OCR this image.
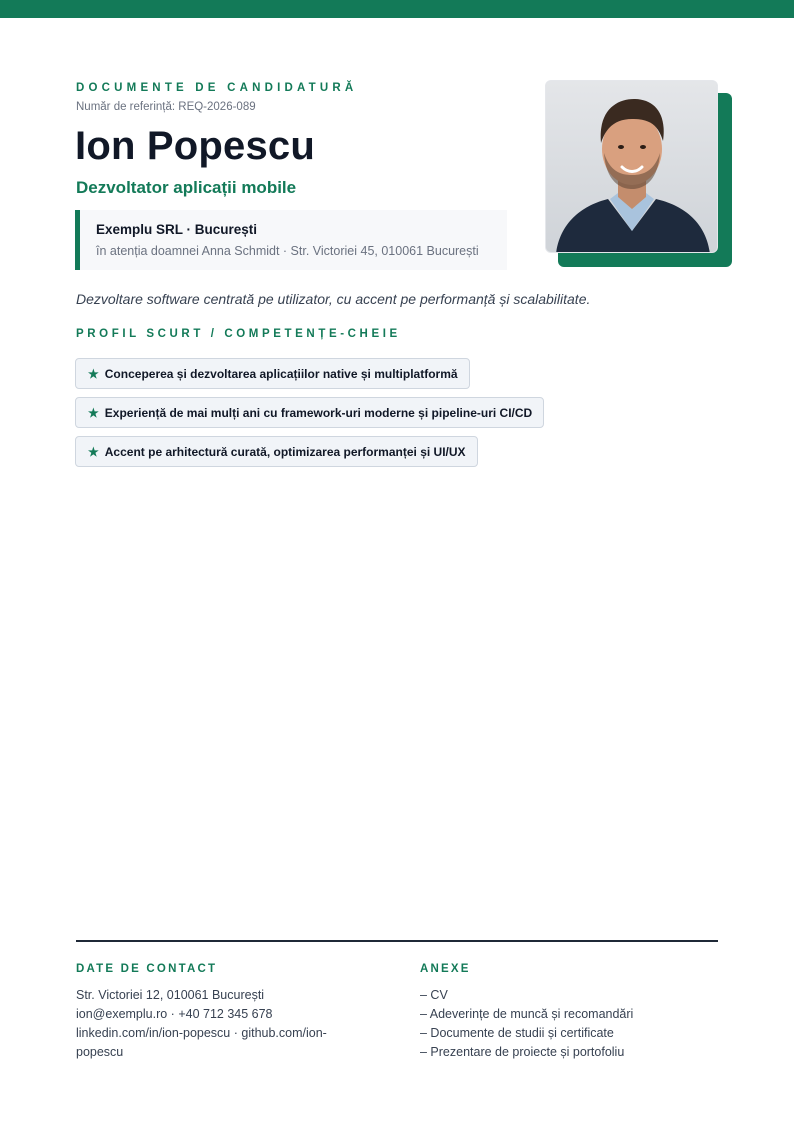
DOCUMENTE DE CANDIDATURĂ
Număr de referință: REQ-2026-089
Ion Popescu
Dezvoltator aplicații mobile
Exemplu SRL · București
în atenția doamnei Anna Schmidt · Str. Victoriei 45, 010061 București
Dezvoltare software centrată pe utilizator, cu accent pe performanță și scalabilitate.
PROFIL SCURT / COMPETENȚE-CHEIE
★ Conceperea și dezvoltarea aplicațiilor native și multiplatformă
★ Experiență de mai mulți ani cu framework-uri moderne și pipeline-uri CI/CD
★ Accent pe arhitectură curată, optimizarea performanței și UI/UX
DATE DE CONTACT
Str. Victoriei 12, 010061 București
ion@exemplu.ro · +40 712 345 678
linkedin.com/in/ion-popescu · github.com/ion-popescu
ANEXE
– CV
– Adeverințe de muncă și recomandări
– Documente de studii și certificate
– Prezentare de proiecte și portofoliu
